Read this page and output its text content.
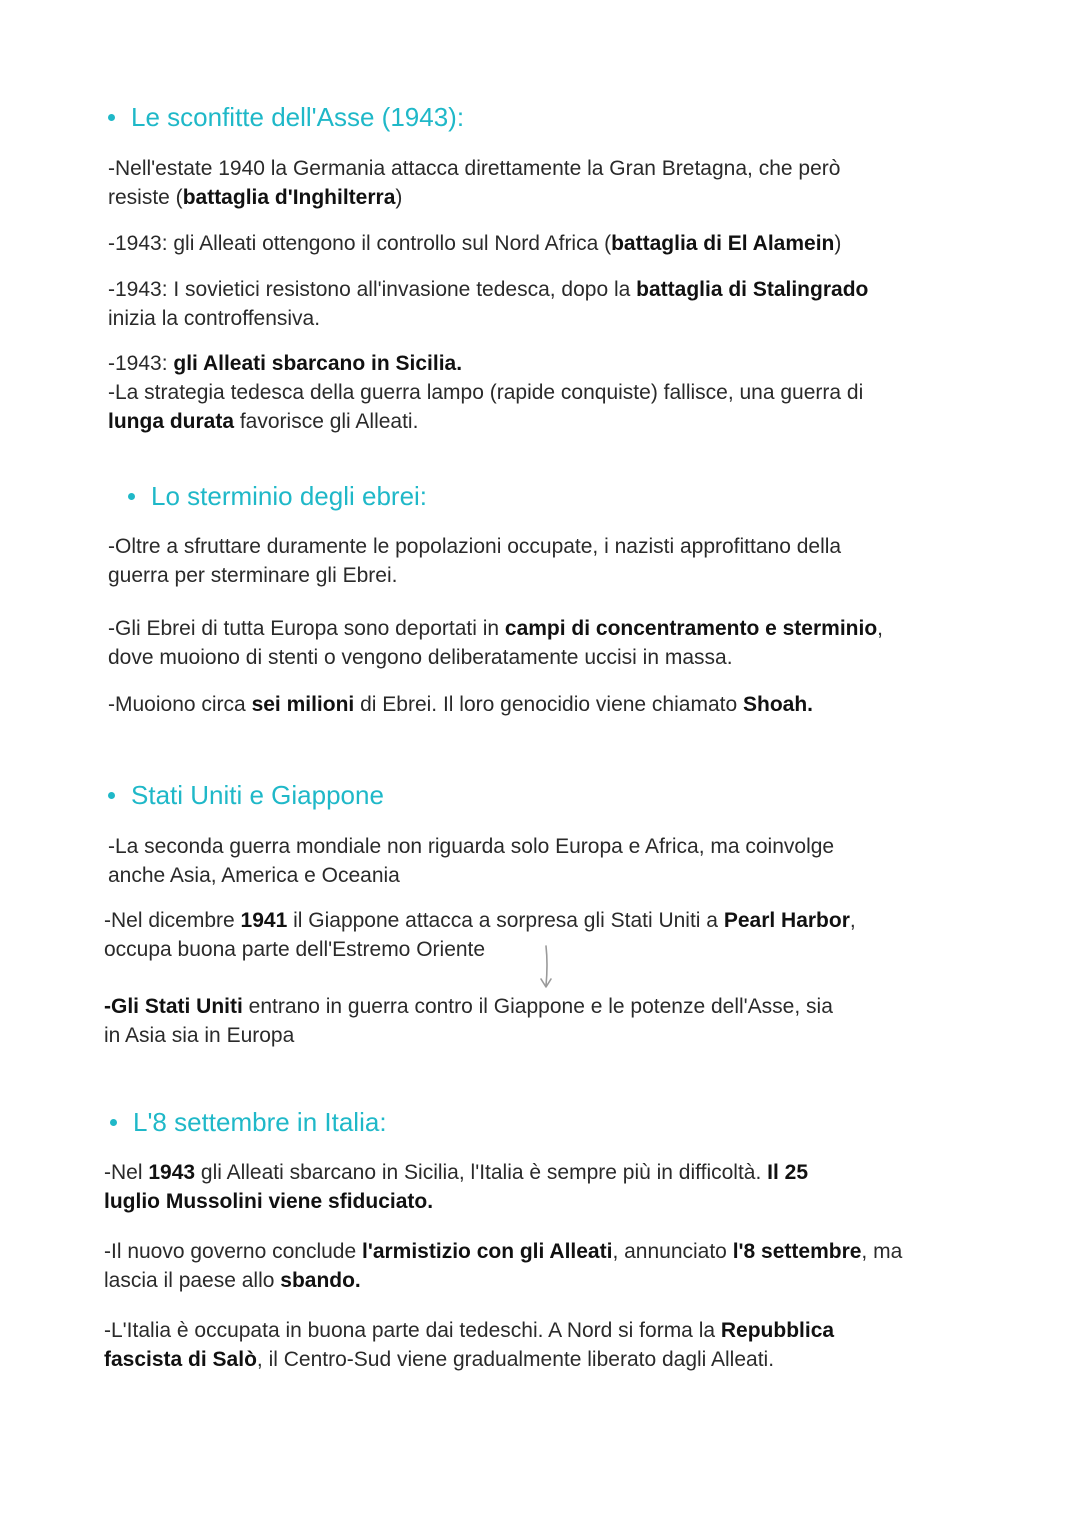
Le sconfitte dell'Asse (1943):
-Nell'estate 1940 la Germania attacca direttamente la Gran Bretagna, che però
resiste (battaglia d'Inghilterra)
-1943: gli Alleati ottengono il controllo sul Nord Africa (battaglia di El Alamein)
-1943: I sovietici resistono all'invasione tedesca, dopo la battaglia di Stalingrado
inizia la controffensiva.
-1943: gli Alleati sbarcano in Sicilia.
-La strategia tedesca della guerra lampo (rapide conquiste) fallisce, una guerra di
lunga durata favorisce gli Alleati.
Lo sterminio degli ebrei:
-Oltre a sfruttare duramente le popolazioni occupate, i nazisti approfittano della
guerra per sterminare gli Ebrei.
-Gli Ebrei di tutta Europa sono deportati in campi di concentramento e sterminio,
dove muoiono di stenti o vengono deliberatamente uccisi in massa.
-Muoiono circa sei milioni di Ebrei. Il loro genocidio viene chiamato Shoah.
Stati Uniti e Giappone
-La seconda guerra mondiale non riguarda solo Europa e Africa, ma coinvolge
anche Asia, America e Oceania
-Nel dicembre 1941 il Giappone attacca a sorpresa gli Stati Uniti a Pearl Harbor,
occupa buona parte dell'Estremo Oriente
-Gli Stati Uniti entrano in guerra contro il Giappone e le potenze dell'Asse, sia
in Asia sia in Europa
L'8 settembre in Italia:
-Nel 1943 gli Alleati sbarcano in Sicilia, l'Italia è sempre più in difficoltà. Il 25
luglio Mussolini viene sfiduciato.
-Il nuovo governo conclude l'armistizio con gli Alleati, annunciato l'8 settembre, ma
lascia il paese allo sbando.
-L'Italia è occupata in buona parte dai tedeschi. A Nord si forma la Repubblica
fascista di Salò, il Centro-Sud viene gradualmente liberato dagli Alleati.
